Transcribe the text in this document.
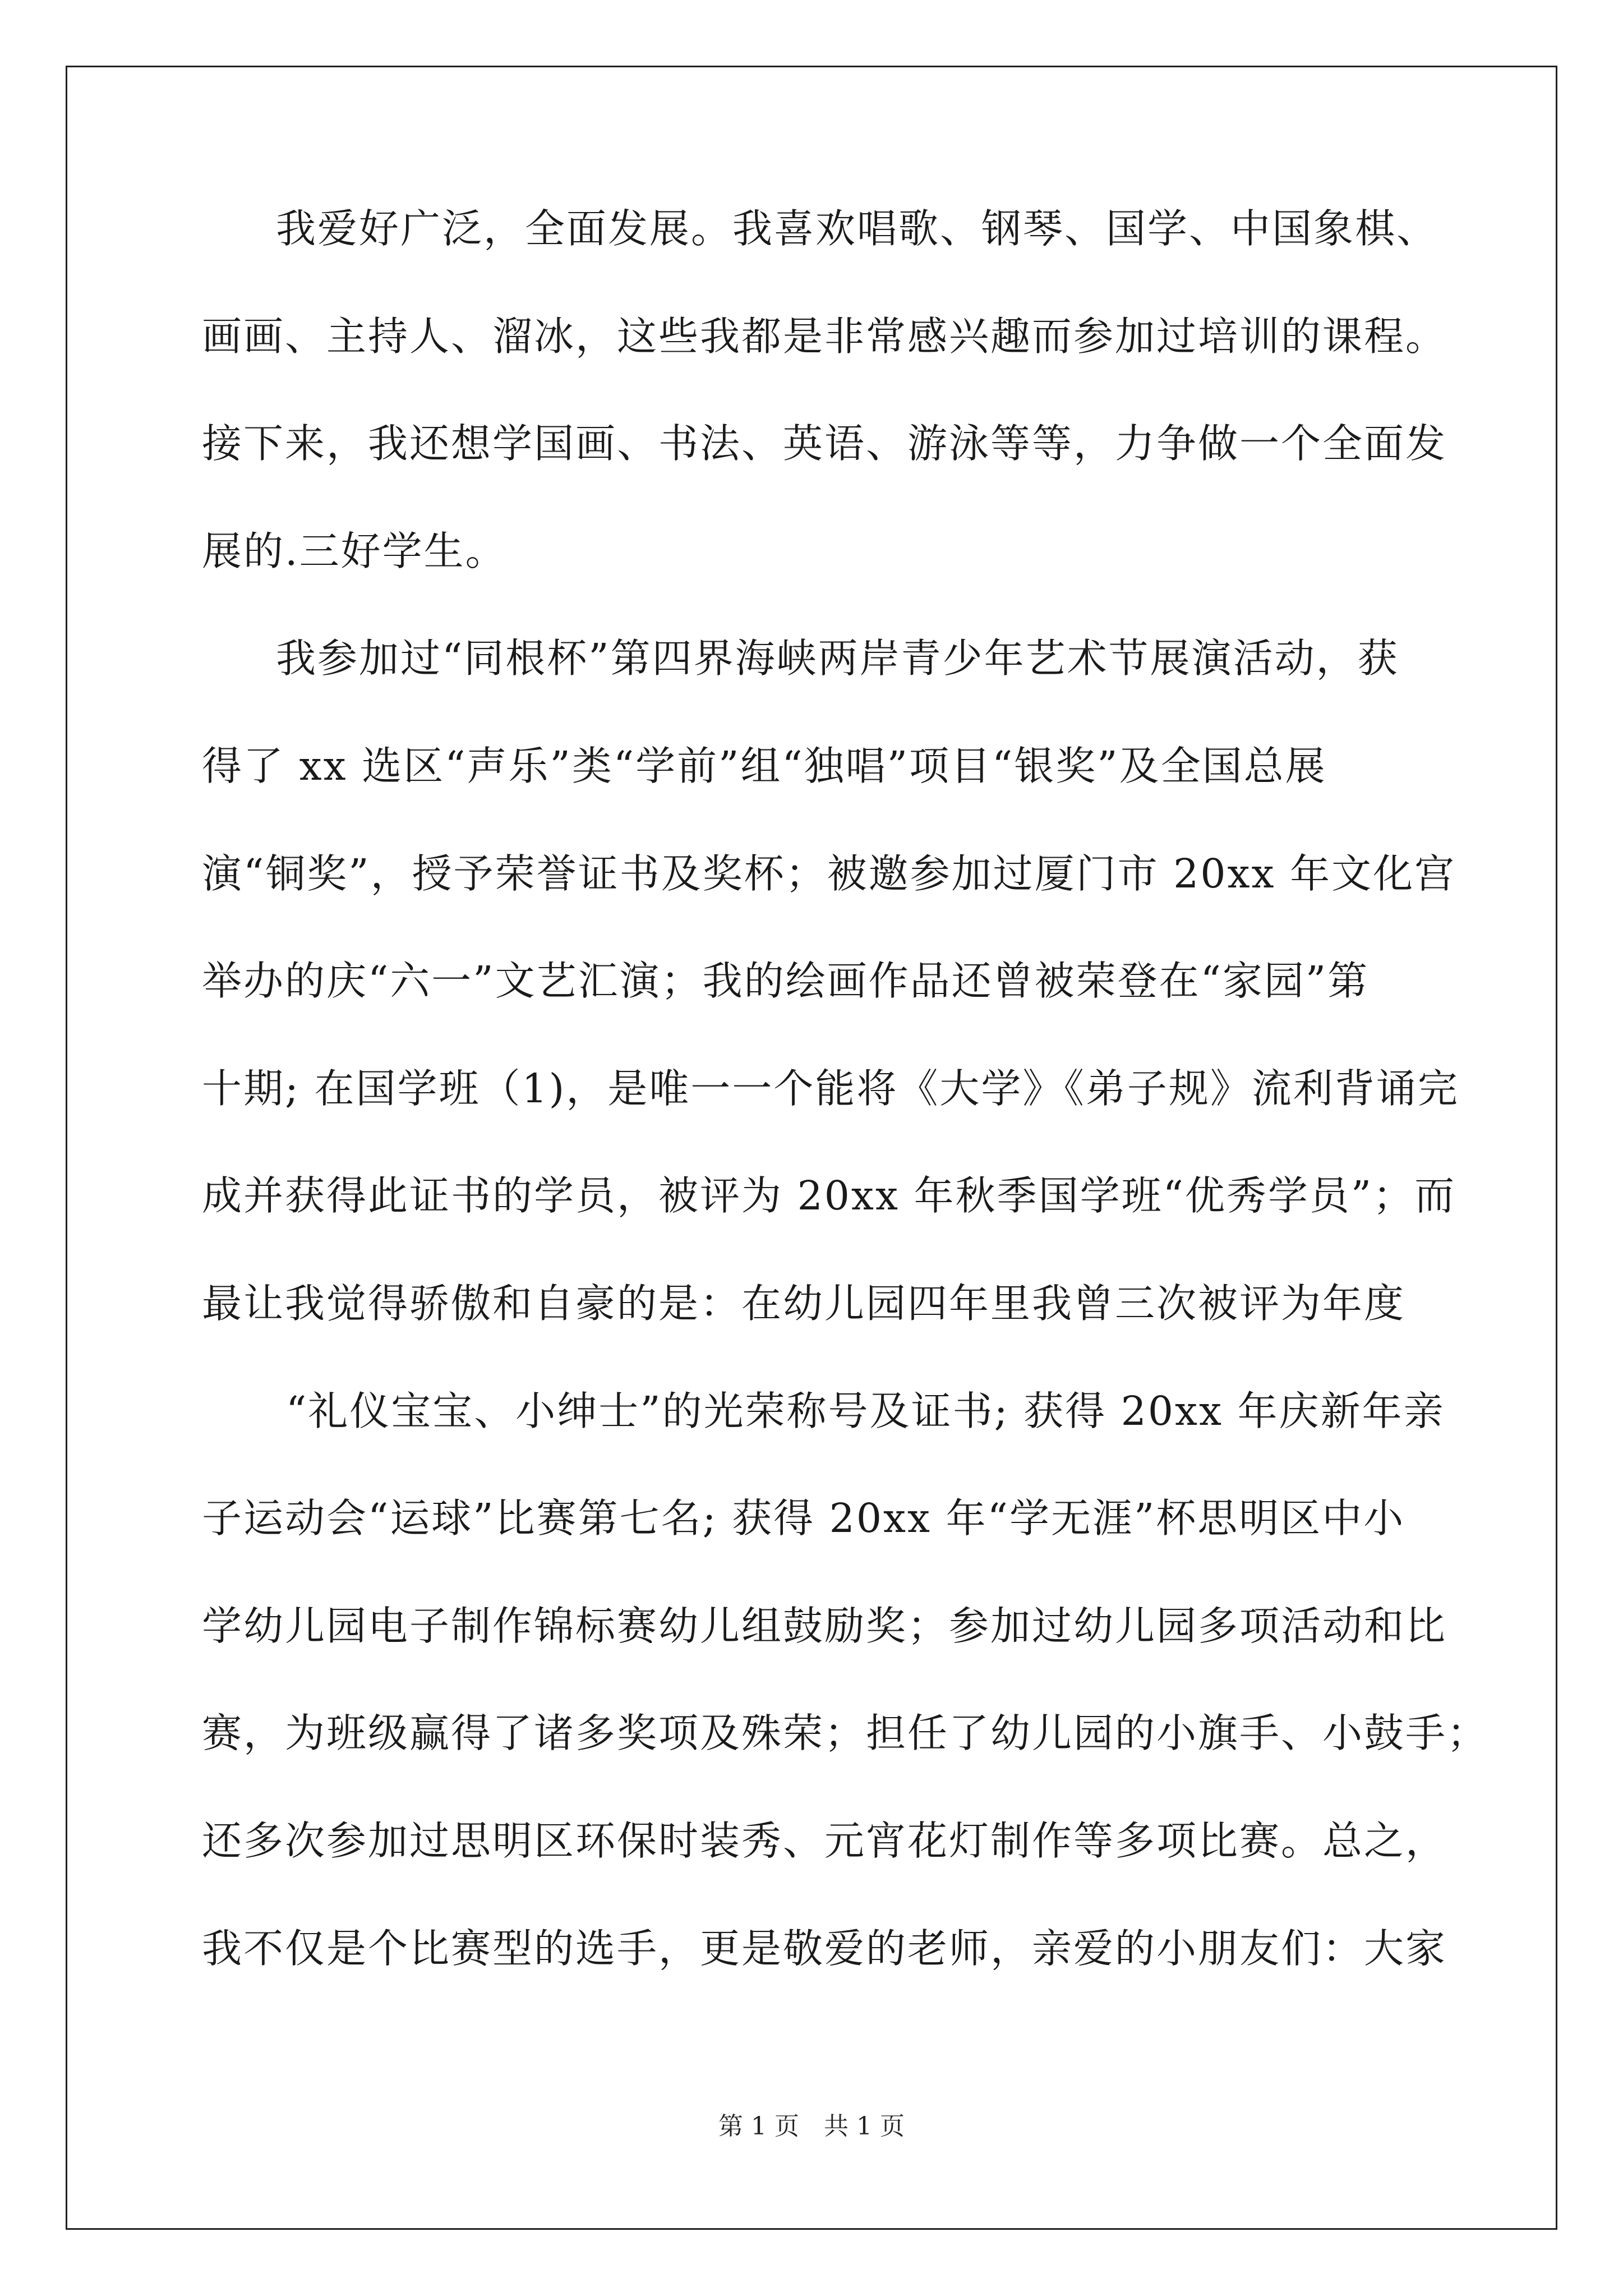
我爱好广泛，全面发展。我喜欢唱歌、钢琴、国学、中国象棋、
画画、主持人、溜冰，这些我都是非常感兴趣而参加过培训的课程。
接下来，我还想学国画、书法、英语、游泳等等，力争做一个全面发
展的.三好学生。
我参加过“同根杯”第四界海峡两岸青少年艺术节展演活动，获
得了 xx 选区“声乐”类“学前”组“独唱”项目“银奖”及全国总展
演“铜奖”，授予荣誉证书及奖杯；被邀参加过厦门市 20xx 年文化宫
举办的庆“六一”文艺汇演；我的绘画作品还曾被荣登在“家园”第
十期; 在国学班（1)，是唯一一个能将《大学》《弟子规》流利背诵完
成并获得此证书的学员，被评为 20xx 年秋季国学班“优秀学员”；而
最让我觉得骄傲和自豪的是：在幼儿园四年里我曾三次被评为年度
“礼仪宝宝、小绅士”的光荣称号及证书; 获得 20xx 年庆新年亲
子运动会“运球”比赛第七名; 获得 20xx 年“学无涯”杯思明区中小
学幼儿园电子制作锦标赛幼儿组鼓励奖；参加过幼儿园多项活动和比
赛，为班级赢得了诸多奖项及殊荣；担任了幼儿园的小旗手、小鼓手；
还多次参加过思明区环保时装秀、元宵花灯制作等多项比赛。总之，
我不仅是个比赛型的选手，更是敬爱的老师，亲爱的小朋友们：大家
第 1 页　共 1 页
